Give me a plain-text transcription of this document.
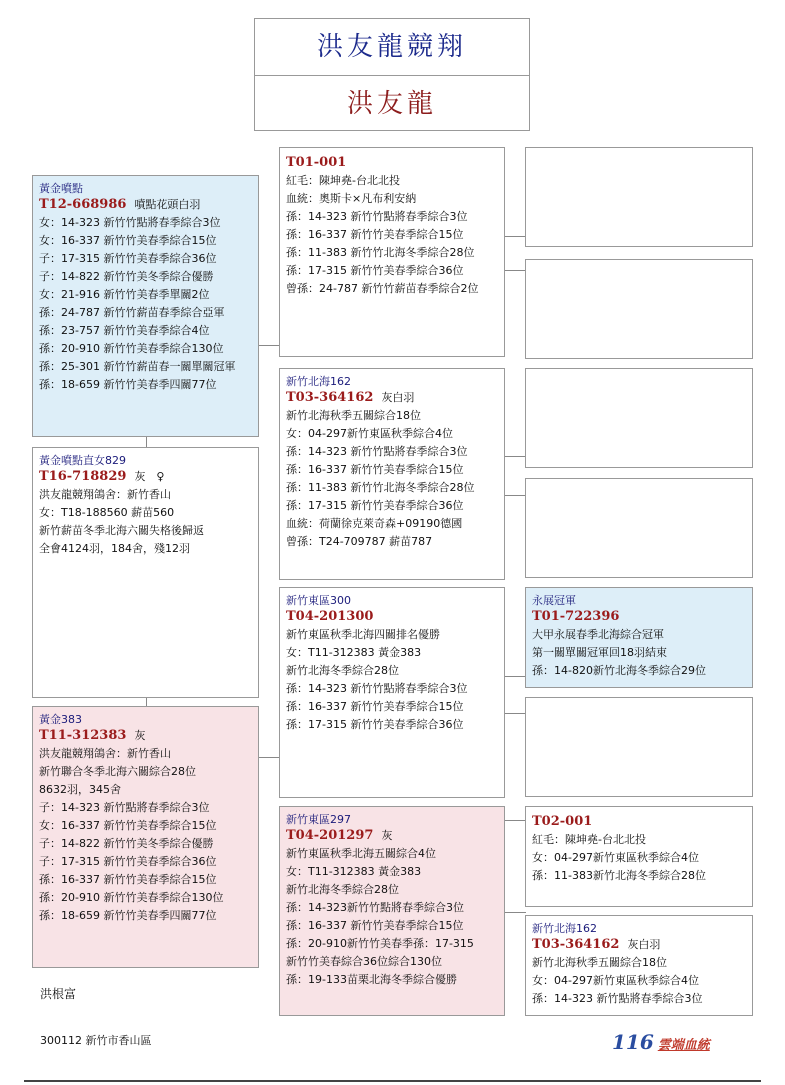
洪友龍競翔
洪友龍
黃金噴點
T12-668986 噴點花頭白羽
女：14-323 新竹竹點將春季綜合3位
女：16-337 新竹竹美春季綜合15位
子：17-315 新竹竹美春季綜合36位
子：14-822 新竹竹美冬季綜合優勝
女：21-916 新竹竹美春季單關2位
孫：24-787 新竹竹薪苗春季綜合亞軍
孫：23-757 新竹竹美春季綜合4位
孫：20-910 新竹竹美春季綜合130位
孫：25-301 新竹竹薪苗春一關單關冠軍
孫：18-659 新竹竹美春季四關77位
黃金噴點直女829
T16-718829 灰　♀
洪友龍競翔鴿舍：新竹香山
女：T18-188560 薪苗560
新竹薪苗冬季北海六關失格後歸返
全會4124羽，184舍，殘12羽
黃金383
T11-312383 灰
洪友龍競翔鴿舍：新竹香山
新竹聯合冬季北海六關綜合28位
8632羽，345舍
子：14-323 新竹點將春季綜合3位
女：16-337 新竹竹美春季綜合15位
子：14-822 新竹竹美冬季綜合優勝
子：17-315 新竹竹美春季綜合36位
孫：16-337 新竹竹美春季綜合15位
孫：20-910 新竹竹美春季綜合130位
孫：18-659 新竹竹美春季四關77位
T01-001
紅毛：陳坤堯-台北北投
血統：奧斯卡×凡布利安納
孫：14-323 新竹竹點將春季綜合3位
孫：16-337 新竹竹美春季綜合15位
孫：11-383 新竹竹北海冬季綜合28位
孫：17-315 新竹竹美春季綜合36位
曾孫：24-787 新竹竹薪苗春季綜合2位
新竹北海162
T03-364162 灰白羽
新竹北海秋季五關綜合18位
女：04-297新竹東區秋季綜合4位
孫：14-323 新竹竹點將春季綜合3位
孫：16-337 新竹竹美春季綜合15位
孫：11-383 新竹竹北海冬季綜合28位
孫：17-315 新竹竹美春季綜合36位
血統：荷蘭徐克萊奇森+09190德國
曾孫：T24-709787 薪苗787
新竹東區300
T04-201300
新竹東區秋季北海四關排名優勝
女：T11-312383 黃金383
新竹北海冬季綜合28位
孫：14-323 新竹竹點將春季綜合3位
孫：16-337 新竹竹美春季綜合15位
孫：17-315 新竹竹美春季綜合36位
新竹東區297
T04-201297 灰
新竹東區秋季北海五關綜合4位
女：T11-312383 黃金383
新竹北海冬季綜合28位
孫：14-323新竹竹點將春季綜合3位
孫：16-337 新竹竹美春季綜合15位
孫：20-910新竹竹美春季孫：17-315
新竹竹美春綜合36位綜合130位
孫：19-133苗栗北海冬季綜合優勝
永展冠軍
T01-722396
大甲永展春季北海綜合冠軍
第一關單關冠軍回18羽結束
孫：14-820新竹北海冬季綜合29位
T02-001
紅毛：陳坤堯-台北北投
女：04-297新竹東區秋季綜合4位
孫：11-383新竹北海冬季綜合28位
新竹北海162
T03-364162 灰白羽
新竹北海秋季五關綜合18位
女：04-297新竹東區秋季綜合4位
孫：14-323 新竹點將春季綜合3位
洪根富
300112 新竹市香山區	116 雲端血統
